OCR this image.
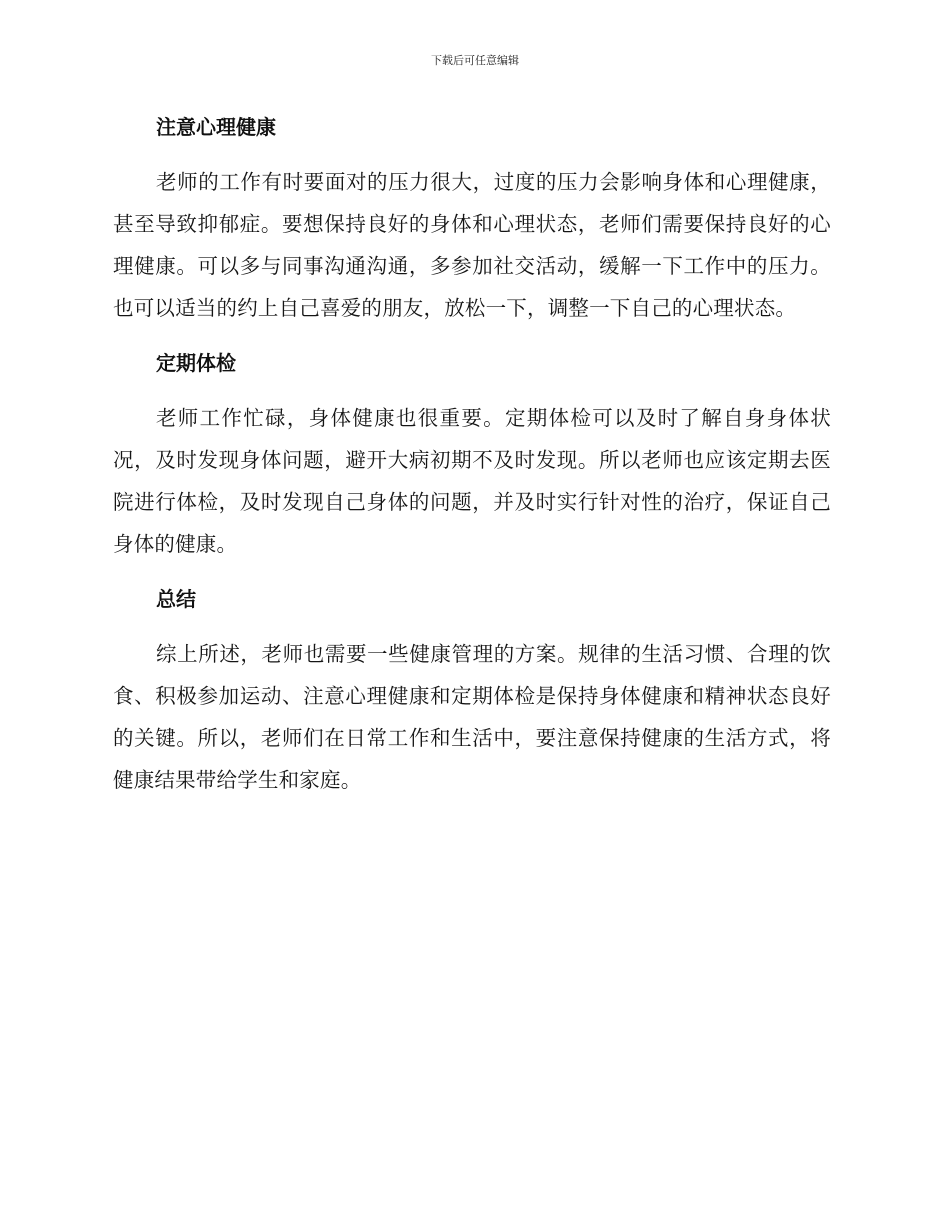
下载后可任意编辑
注意心理健康

老师的工作有时要面对的压力很大，过度的压力会影响身体和心理健康，甚至导致抑郁症。要想保持良好的身体和心理状态，老师们需要保持良好的心理健康。可以多与同事沟通沟通，多参加社交活动，缓解一下工作中的压力。也可以适当的约上自己喜爱的朋友，放松一下，调整一下自己的心理状态。

定期体检

老师工作忙碌，身体健康也很重要。定期体检可以及时了解自身身体状况，及时发现身体问题，避开大病初期不及时发现。所以老师也应该定期去医院进行体检，及时发现自己身体的问题，并及时实行针对性的治疗，保证自己身体的健康。

总结

综上所述，老师也需要一些健康管理的方案。规律的生活习惯、合理的饮食、积极参加运动、注意心理健康和定期体检是保持身体健康和精神状态良好的关键。所以，老师们在日常工作和生活中，要注意保持健康的生活方式，将健康结果带给学生和家庭。
